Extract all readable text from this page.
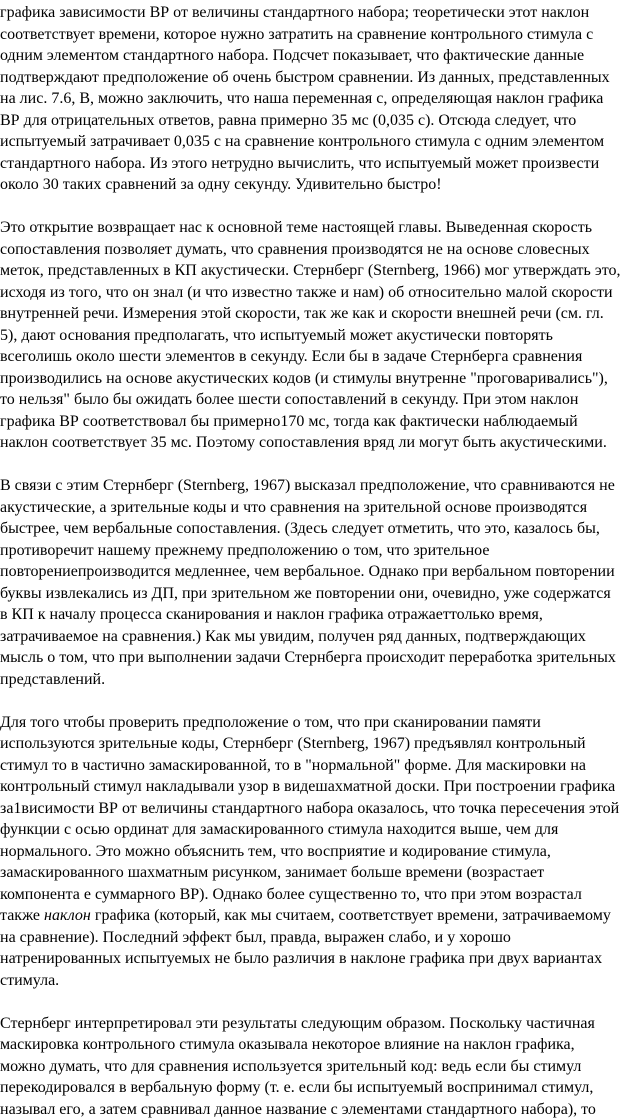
графика зависимости ВР от величины стандартного набора; теоретически этот наклон
соответствует времени, которое нужно затратить на сравнение контрольного стимула с
одним элементом стандартного набора. Подсчет показывает, что фактические данные
подтверждают предположение об очень быстром сравнении. Из данных, представленных
на лис. 7.6, В, можно заключить, что наша переменная с, определяющая наклон графика
ВР для отрицательных ответов, равна примерно 35 мс (0,035 с). Отсюда следует, что
испытуемый затрачивает 0,035 с на сравнение контрольного стимула с одним элементом
стандартного набора. Из этого нетрудно вычислить, что испытуемый может произвести
около 30 таких сравнений за одну секунду. Удивительно быстро!
Это открытие возвращает нас к основной теме настоящей главы. Выведенная скорость
сопоставления позволяет думать, что сравнения производятся не на основе словесных
меток, представленных в КП акустически. Стернберг (Sternberg, 1966) мог утверждать это,
исходя из того, что он знал (и что известно также и нам) об относительно малой скорости
внутренней речи. Измерения этой скорости, так же как и скорости внешней речи (см. гл.
5), дают основания предполагать, что испытуемый может акустически повторять
всеголишь около шести элементов в секунду. Если бы в задаче Стернберга сравнения
производились на основе акустических кодов (и стимулы внутренне "проговаривались"),
то нельзя" было бы ожидать более шести сопоставлений в секунду. При этом наклон
графика ВР соответствовал бы примерно170 мс, тогда как фактически наблюдаемый
наклон соответствует 35 мс. Поэтому сопоставления вряд ли могут быть акустическими.
В связи с этим Стернберг (Sternberg, 1967) высказал предположение, что сравниваются не
акустические, а зрительные коды и что сравнения на зрительной основе производятся
быстрее, чем вербальные сопоставления. (Здесь следует отметить, что это, казалось бы,
противоречит нашему прежнему предположению о том, что зрительное
повторениепроизводится медленнее, чем вербальное. Однако при вербальном повторении
буквы извлекались из ДП, при зрительном же повторении они, очевидно, уже содержатся
в КП к началу процесса сканирования и наклон графика отражаеттолько время,
затрачиваемое на сравнения.) Как мы увидим, получен ряд данных, подтверждающих
мысль о том, что при выполнении задачи Стернберга происходит переработка зрительных
представлений.
Для того чтобы проверить предположение о том, что при сканировании памяти
используются зрительные коды, Стернберг (Sternberg, 1967) предъявлял контрольный
стимул то в частично замаскированной, то в "нормальной" форме. Для маскировки на
контрольный стимул накладывали узор в видешахматной доски. При построении графика
за1висимости ВР от величины стандартного набора оказалось, что точка пересечения этой
функции с осью ординат для замаскированного стимула находится выше, чем для
нормального. Это можно объяснить тем, что восприятие и кодирование стимула,
замаскированного шахматным рисунком, занимает больше времени (возрастает
компонента е суммарного ВР). Однако более существенно то, что при этом возрастал
также наклон графика (который, как мы считаем, соответствует времени, затрачиваемому
на сравнение). Последний эффект был, правда, выражен слабо, и у хорошо
натренированных испытуемых не было различия в наклоне графика при двух вариантах
стимула.
Стернберг интерпретировал эти результаты следующим образом. Поскольку частичная
маскировка контрольного стимула оказывала некоторое влияние на наклон графика,
можно думать, что для сравнения используется зрительный код: ведь если бы стимул
перекодировался в вербальную форму (т. е. если бы испытуемый воспринимал стимул,
называл его, а затем сравнивал данное название с элементами стандартного набора), то
